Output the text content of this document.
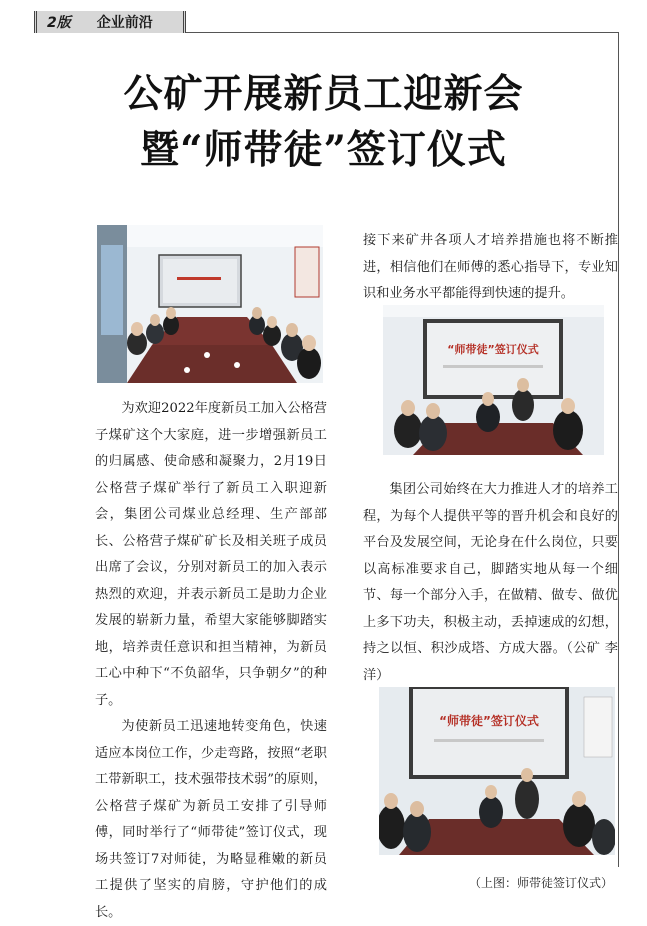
2版 企业前沿
公矿开展新员工迎新会
暨“师带徒”签订仪式
“师带徒”签订仪式
“师带徒”签订仪式

为欢迎2022年度新员工加入公格营子煤矿这个大家庭，进一步增强新员工的归属感、使命感和凝聚力，2月19日公格营子煤矿举行了新员工入职迎新会，集团公司煤业总经理、生产部部长、公格营子煤矿矿长及相关班子成员出席了会议，分别对新员工的加入表示热烈的欢迎，并表示新员工是助力企业发展的崭新力量，希望大家能够脚踏实地，培养责任意识和担当精神，为新员工心中种下“不负韶华，只争朝夕”的种子。

为使新员工迅速地转变角色，快速适应本岗位工作，少走弯路，按照“老职工带新职工，技术强带技术弱”的原则，公格营子煤矿为新员工安排了引导师傅，同时举行了“师带徒”签订仪式，现场共签订7对师徒，为略显稚嫩的新员工提供了坚实的肩膀，守护他们的成长。

接下来矿井各项人才培养措施也将不断推进，相信他们在师傅的悉心指导下，专业知识和业务水平都能得到快速的提升。

集团公司始终在大力推进人才的培养工程，为每个人提供平等的晋升机会和良好的平台及发展空间，无论身在什么岗位，只要以高标准要求自己，脚踏实地从每一个细节、每一个部分入手，在做精、做专、做优上多下功夫，积极主动，丢掉速成的幻想，持之以恒、积沙成塔、方成大器。（公矿 李洋）

（上图：师带徒签订仪式）
